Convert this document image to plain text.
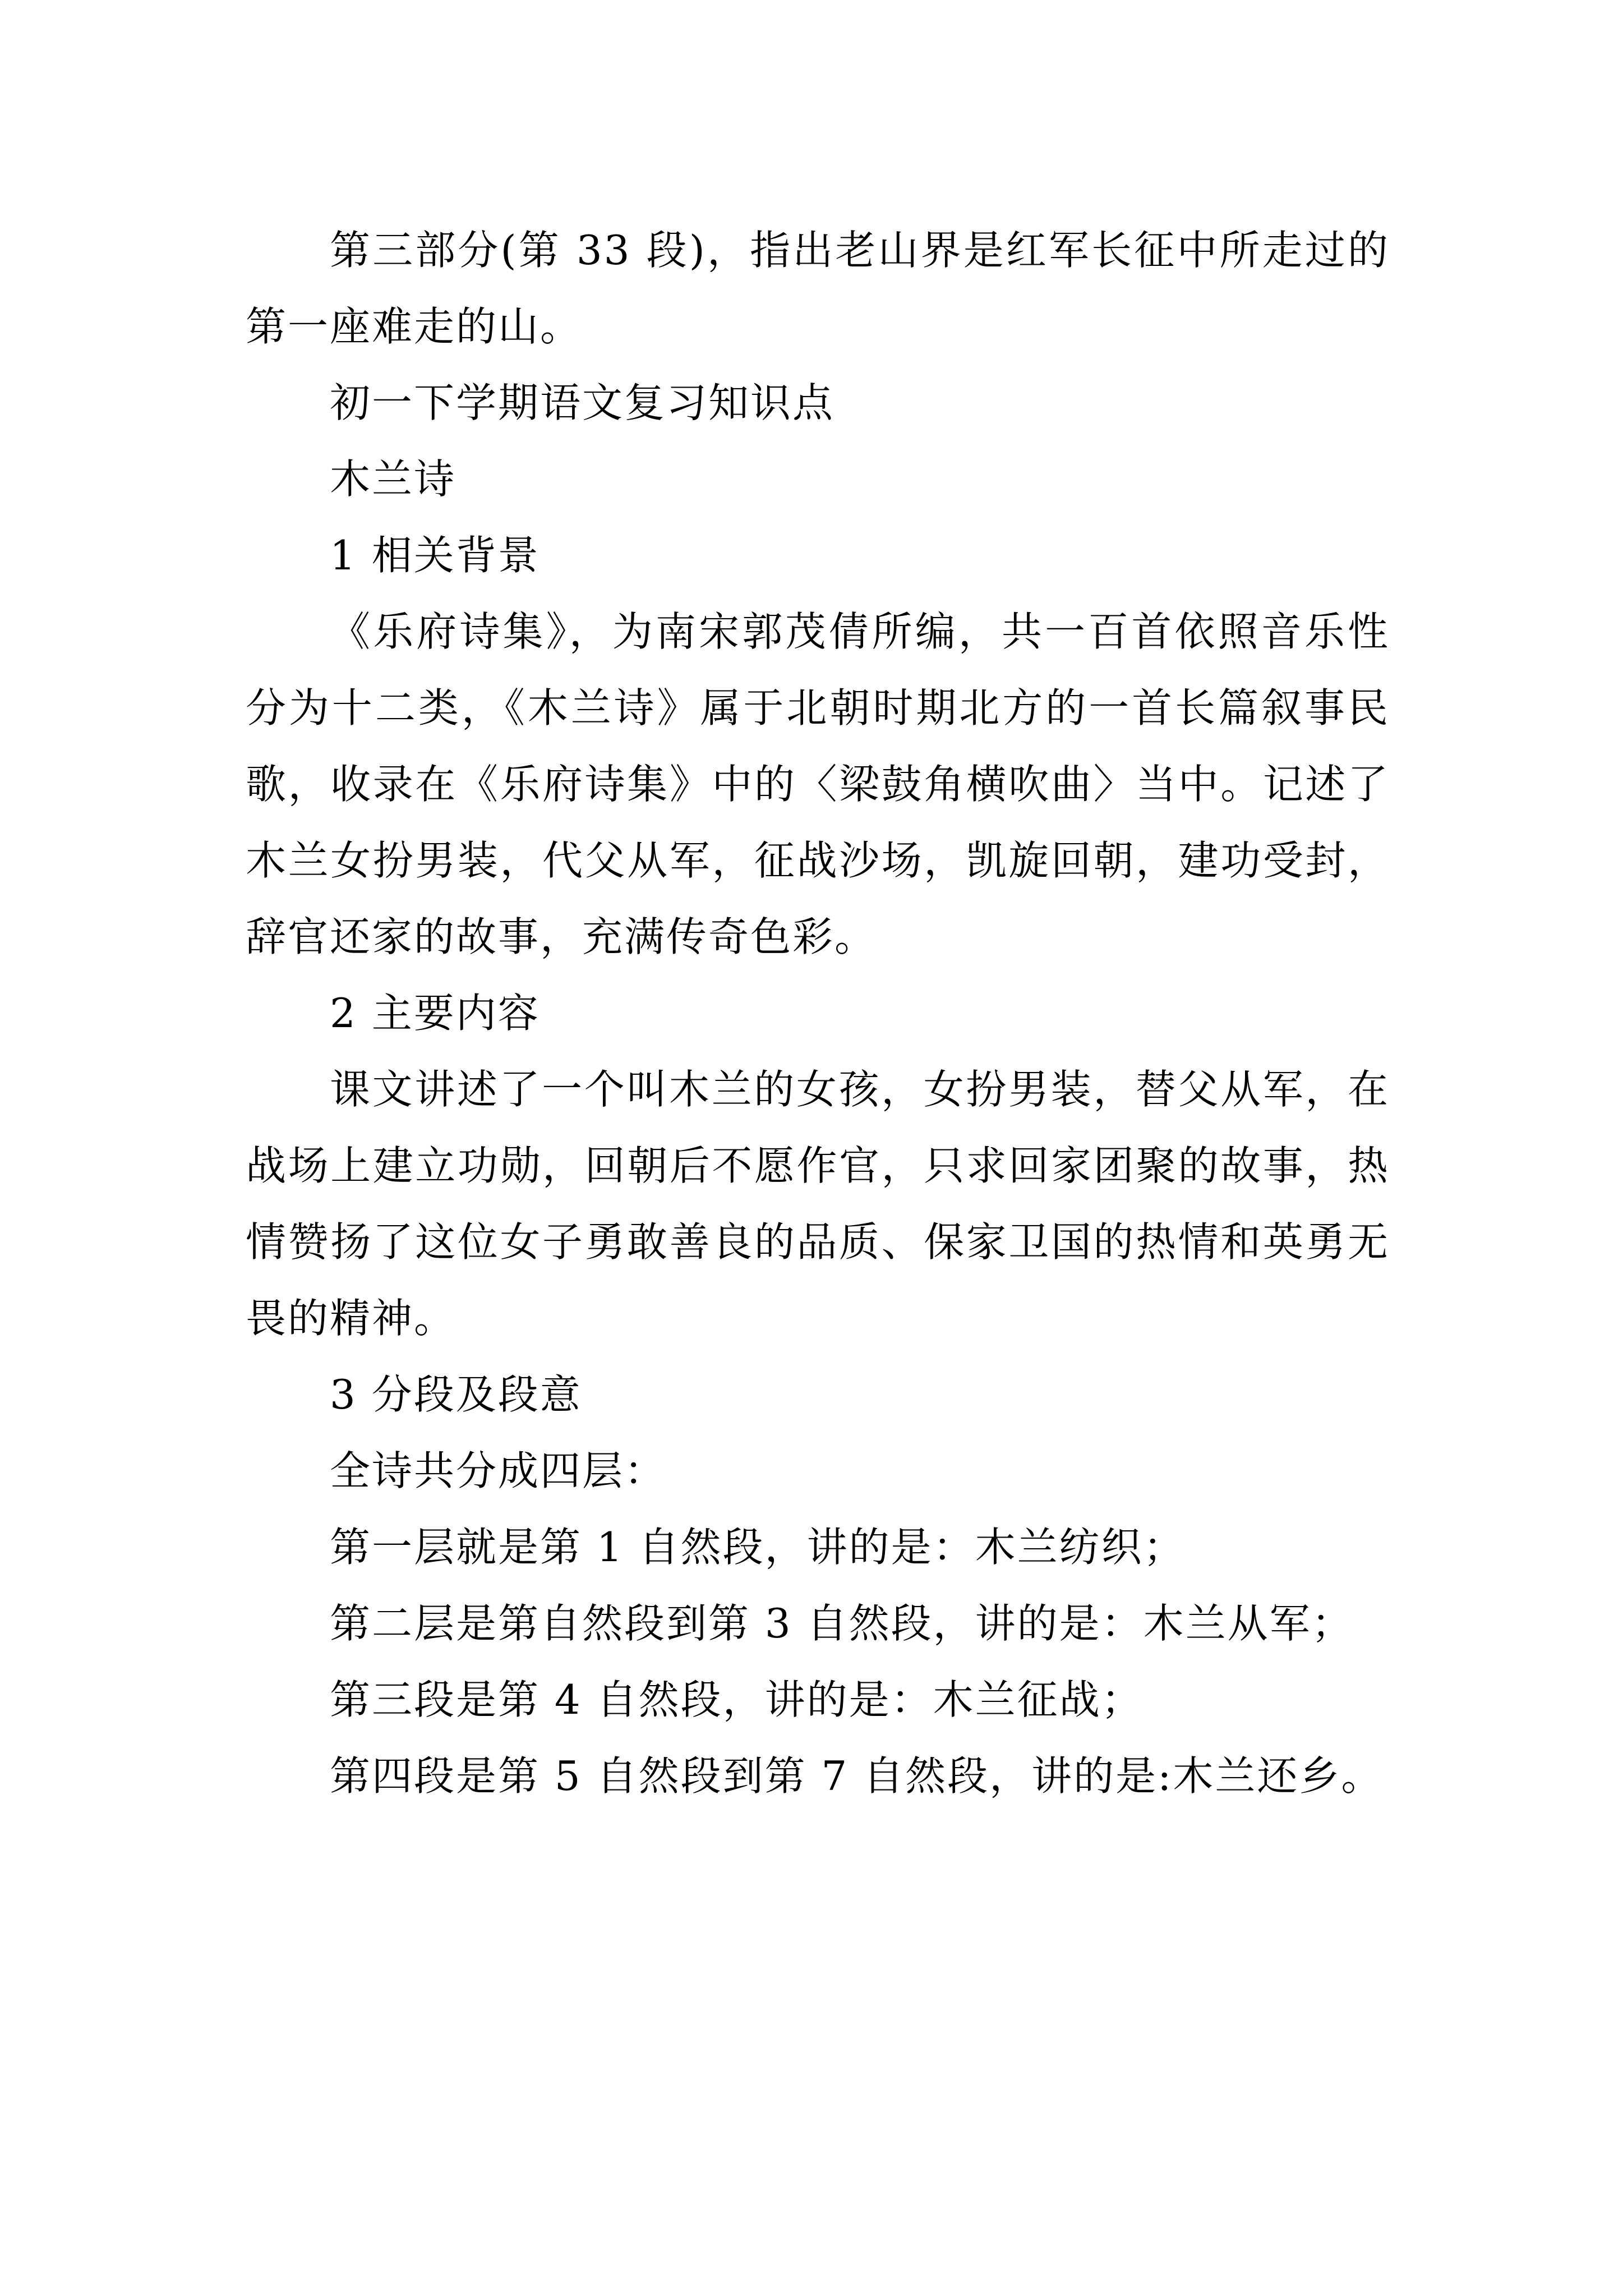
第三部分(第 33 段)，指出老山界是红军长征中所走过的第一座难走的山。

初一下学期语文复习知识点

木兰诗

1 相关背景

《乐府诗集》，为南宋郭茂倩所编，共一百首依照音乐性分为十二类，《木兰诗》属于北朝时期北方的一首长篇叙事民歌，收录在《乐府诗集》中的〈梁鼓角横吹曲〉当中。记述了木兰女扮男装，代父从军，征战沙场，凯旋回朝，建功受封，辞官还家的故事，充满传奇色彩。

2 主要内容

课文讲述了一个叫木兰的女孩，女扮男装，替父从军，在战场上建立功勋，回朝后不愿作官，只求回家团聚的故事，热情赞扬了这位女子勇敢善良的品质、保家卫国的热情和英勇无畏的精神。

3 分段及段意

全诗共分成四层：

第一层就是第 1 自然段，讲的是：木兰纺织；

第二层是第自然段到第 3 自然段，讲的是：木兰从军；

第三段是第 4 自然段，讲的是：木兰征战；

第四段是第 5 自然段到第 7 自然段，讲的是:木兰还乡。
